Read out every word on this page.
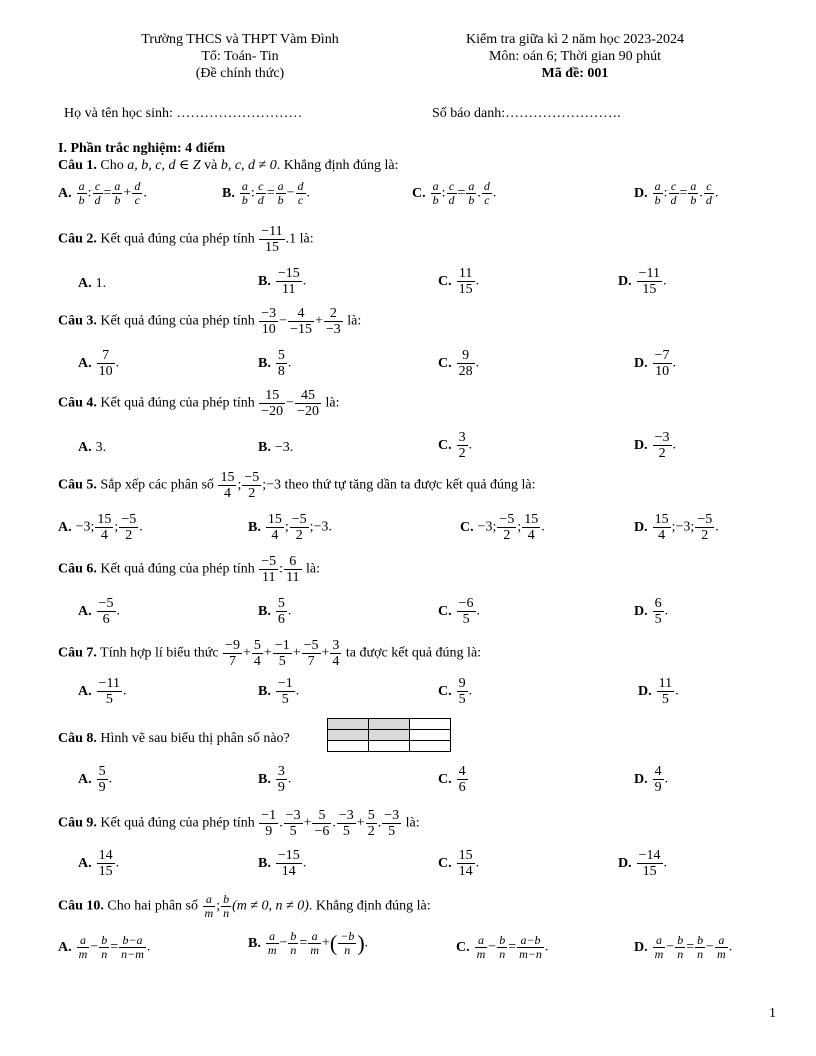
Trường THCS và THPT Vàm Đình
Tổ: Toán- Tin
(Đề chính thức)
Kiểm tra giữa kì 2 năm học 2023-2024
Môn: oán 6; Thời gian 90 phút
Mã đề: 001
Họ và tên học sinh: ………………………	Số báo danh:…………………….
I. Phần trắc nghiệm: 4 điểm
Câu 1. Cho a, b, c, d ∈ Z và b, c, d ≠ 0. Khẳng định đúng là:
A. $\frac{a}{b}$ : $\frac{c}{d} = \frac{a}{b} + \frac{d}{c}$ .	B. $\frac{a}{b}$ : $\frac{c}{d} = \frac{a}{b} - \frac{d}{c}$ .	C. $\frac{a}{b}$ : $\frac{c}{d} = \frac{a}{b}$ . $\frac{d}{c}$ .	D. $\frac{a}{b}$ : $\frac{c}{d} = \frac{a}{b}$ . $\frac{c}{d}$ .
Câu 2. Kết quả đúng của phép tính $\frac{-11}{15} .1$ là:
A. 1.	B. $\frac{-15}{11}$ .	C. $\frac{11}{15}$ .	D. $\frac{-11}{15}$ .
Câu 3. Kết quả đúng của phép tính $\frac{-3}{10} - \frac{4}{-15} + \frac{2}{-3}$ là:
A. $\frac{7}{10}$ .	B. $\frac{5}{8}$ .	C. $\frac{9}{28}$ .	D. $\frac{-7}{10}$ .
Câu 4. Kết quả đúng của phép tính $\frac{15}{-20} - \frac{45}{-20}$ là:
A. 3.	B. −3.	C. $\frac{3}{2}$ .	D. $\frac{-3}{2}$ .
Câu 5. Sắp xếp các phân số $\frac{15}{4}$ ; $\frac{-5}{2}$ ;−3 theo thứ tự tăng dần ta được kết quả đúng là:
A. −3; $\frac{15}{4}$ ; $\frac{-5}{2}$ .	B. $\frac{15}{4}$ ; $\frac{-5}{2}$ ;−3.	C. −3; $\frac{-5}{2}$ ; $\frac{15}{4}$ .	D. $\frac{15}{4}$ ;−3; $\frac{-5}{2}$ .
Câu 6. Kết quả đúng của phép tính $\frac{-5}{11}$ : $\frac{6}{11}$ là:
A. $\frac{-5}{6}$ .	B. $\frac{5}{6}$ .	C. $\frac{-6}{5}$ .	D. $\frac{6}{5}$ .
Câu 7. Tính hợp lí biểu thức $\frac{-9}{7} + \frac{5}{4} + \frac{-1}{5} + \frac{-5}{7} + \frac{3}{4}$ ta được kết quả đúng là:
A. $\frac{-11}{5}$ .	B. $\frac{-1}{5}$ .	C. $\frac{9}{5}$ .	D. $\frac{11}{5}$ .
Câu 8. Hình vẽ sau biểu thị phân số nào?

A. $\frac{5}{9}$ .	B. $\frac{3}{9}$ .	C. $\frac{4}{6}$	D. $\frac{4}{9}$ .
Câu 9. Kết quả đúng của phép tính $\frac{-1}{9}$ . $\frac{-3}{5} + \frac{5}{-6}$ . $\frac{-3}{5} + \frac{5}{2}$ . $\frac{-3}{5}$ là:
A. $\frac{14}{15}$ .	B. $\frac{-15}{14}$ .	C. $\frac{15}{14}$ .	D. $\frac{-14}{15}$ .
Câu 10. Cho hai phân số $\frac{a}{m}$ ; $\frac{b}{n} (m \ne 0$, n ≠ 0). Khẳng định đúng là:
A. $\frac{a}{m} - \frac{b}{n} = \frac{b-a}{n-m}$ .	B. $\frac{a}{m} - \frac{b}{n} = \frac{a}{m}$ +( $\frac{-b}{n}$ ).	C. $\frac{a}{m} - \frac{b}{n} = \frac{a-b}{m-n}$ .	D. $\frac{a}{m} - \frac{b}{n} = \frac{b}{n} - \frac{a}{m}$ .
1
